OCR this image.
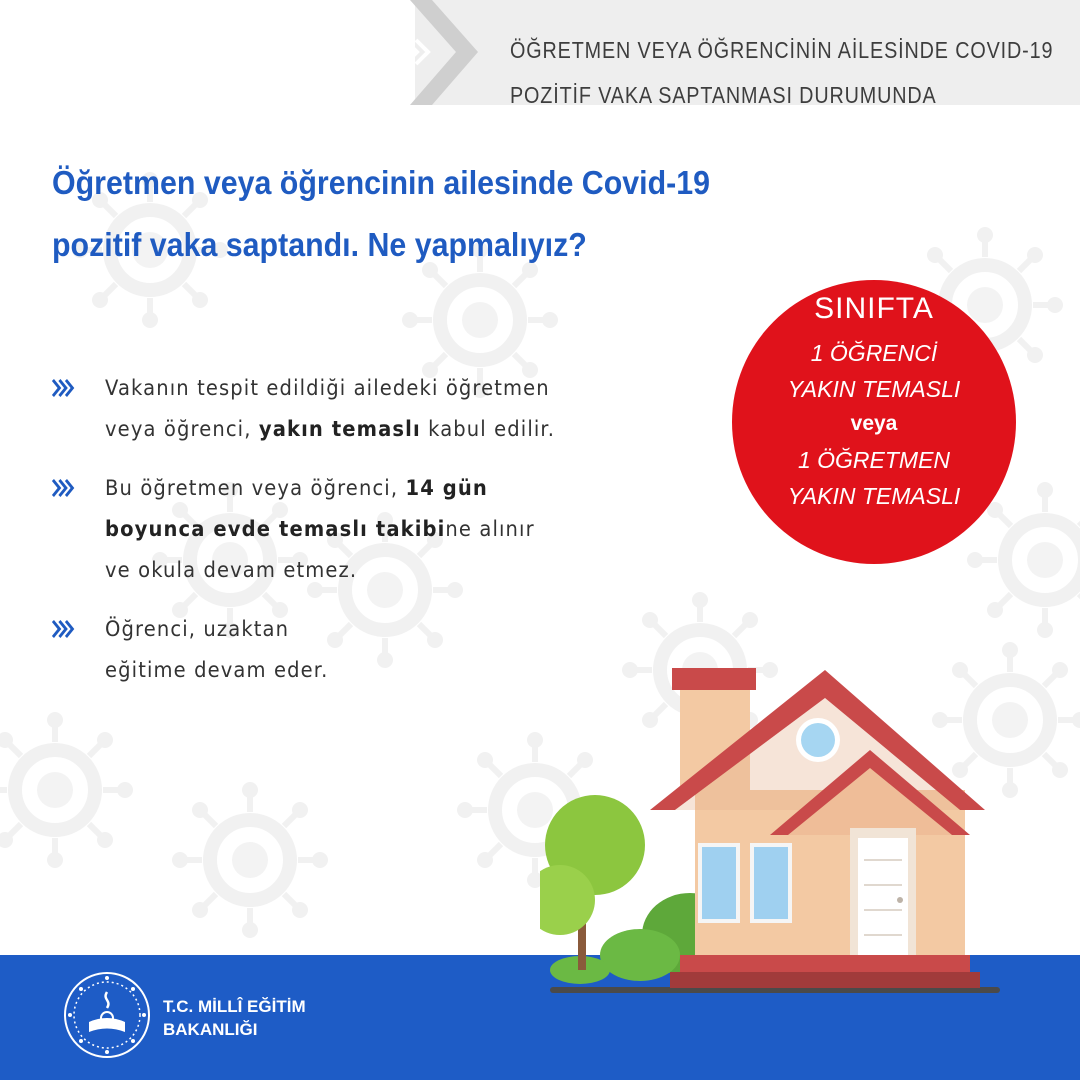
ÖĞRETMEN VEYA ÖĞRENCİNİN AİLESİNDE COVID-19
POZİTİF VAKA SAPTANMASI DURUMUNDA
Öğretmen veya öğrencinin ailesinde Covid-19
pozitif vaka saptandı. Ne yapmalıyız?
Vakanın tespit edildiği ailedeki öğretmen
veya öğrenci, yakın temaslı kabul edilir.
Bu öğretmen veya öğrenci, 14 gün
boyunca evde temaslı takibine alınır
ve okula devam etmez.
Öğrenci, uzaktan
eğitime devam eder.
SINIFTA
1 ÖĞRENCİ
YAKIN TEMASLI
veya
1 ÖĞRETMEN
YAKIN TEMASLI
T.C. MİLLÎ EĞİTİM
BAKANLIĞI
